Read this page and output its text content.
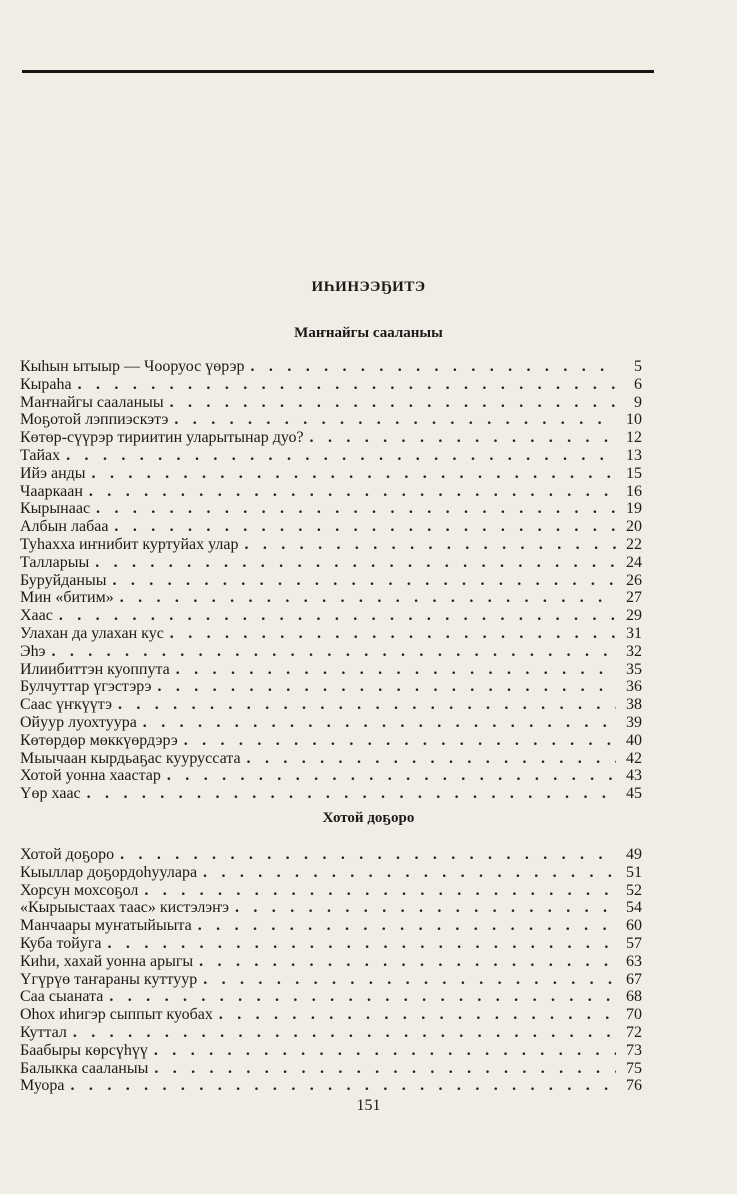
ИҺИНЭЭҔИТЭ
Маҥнайгы сааланыы
Кыһын ытыыр — Чооруос үөрэр . . .	5
Кыраһа . . .	6
Маҥнайгы сааланыы . . .	9
Моҕотой лэппиэскэтэ . . .	10
Көтөр-сүүрэр тириитин уларытынар дуо? . . .	12
Тайах . . .	13
Ийэ анды . . .	15
Чааркаан . . .	16
Кырынаас . . .	19
Албын лабаа . . .	20
Туһахха иҥнибит куртуйах улар . . .	22
Талларыы . . .	24
Буруйданыы . . .	26
Мин «битим» . . .	27
Хаас . . .	29
Улахан да улахан кус . . .	31
Эһэ . . .	32
Илиибиттэн куоппута . . .	35
Булчуттар үгэстэрэ . . .	36
Саас үҥкүүтэ . . .	38
Ойуур луохтуура . . .	39
Көтөрдөр мөккүөрдэрэ . . .	40
Мыычаан кырдьаҕас кууруссата . . .	42
Хотой уонна хаастар . . .	43
Үөр хаас . . .	45
Хотой доҕоро
Хотой доҕоро . . .	49
Кыыллар доҕордоһуулара . . .	51
Хорсун мохсоҕол . . .	52
«Кырыыстаах таас» кистэлэҥэ . . .	54
Манчаары муҥатыйыыта . . .	60
Куба тойуга . . .	57
Киһи, хахай уонна арыгы . . .	63
Үгүрүө таҥараны куттуур . . .	67
Саа сыаната . . .	68
Оһох иһигэр сыппыт куобах . . .	70
Куттал . . .	72
Баабыры көрсүһүү . . .	73
Балыкка сааланыы . . .	75
Муора . . .	76
151
